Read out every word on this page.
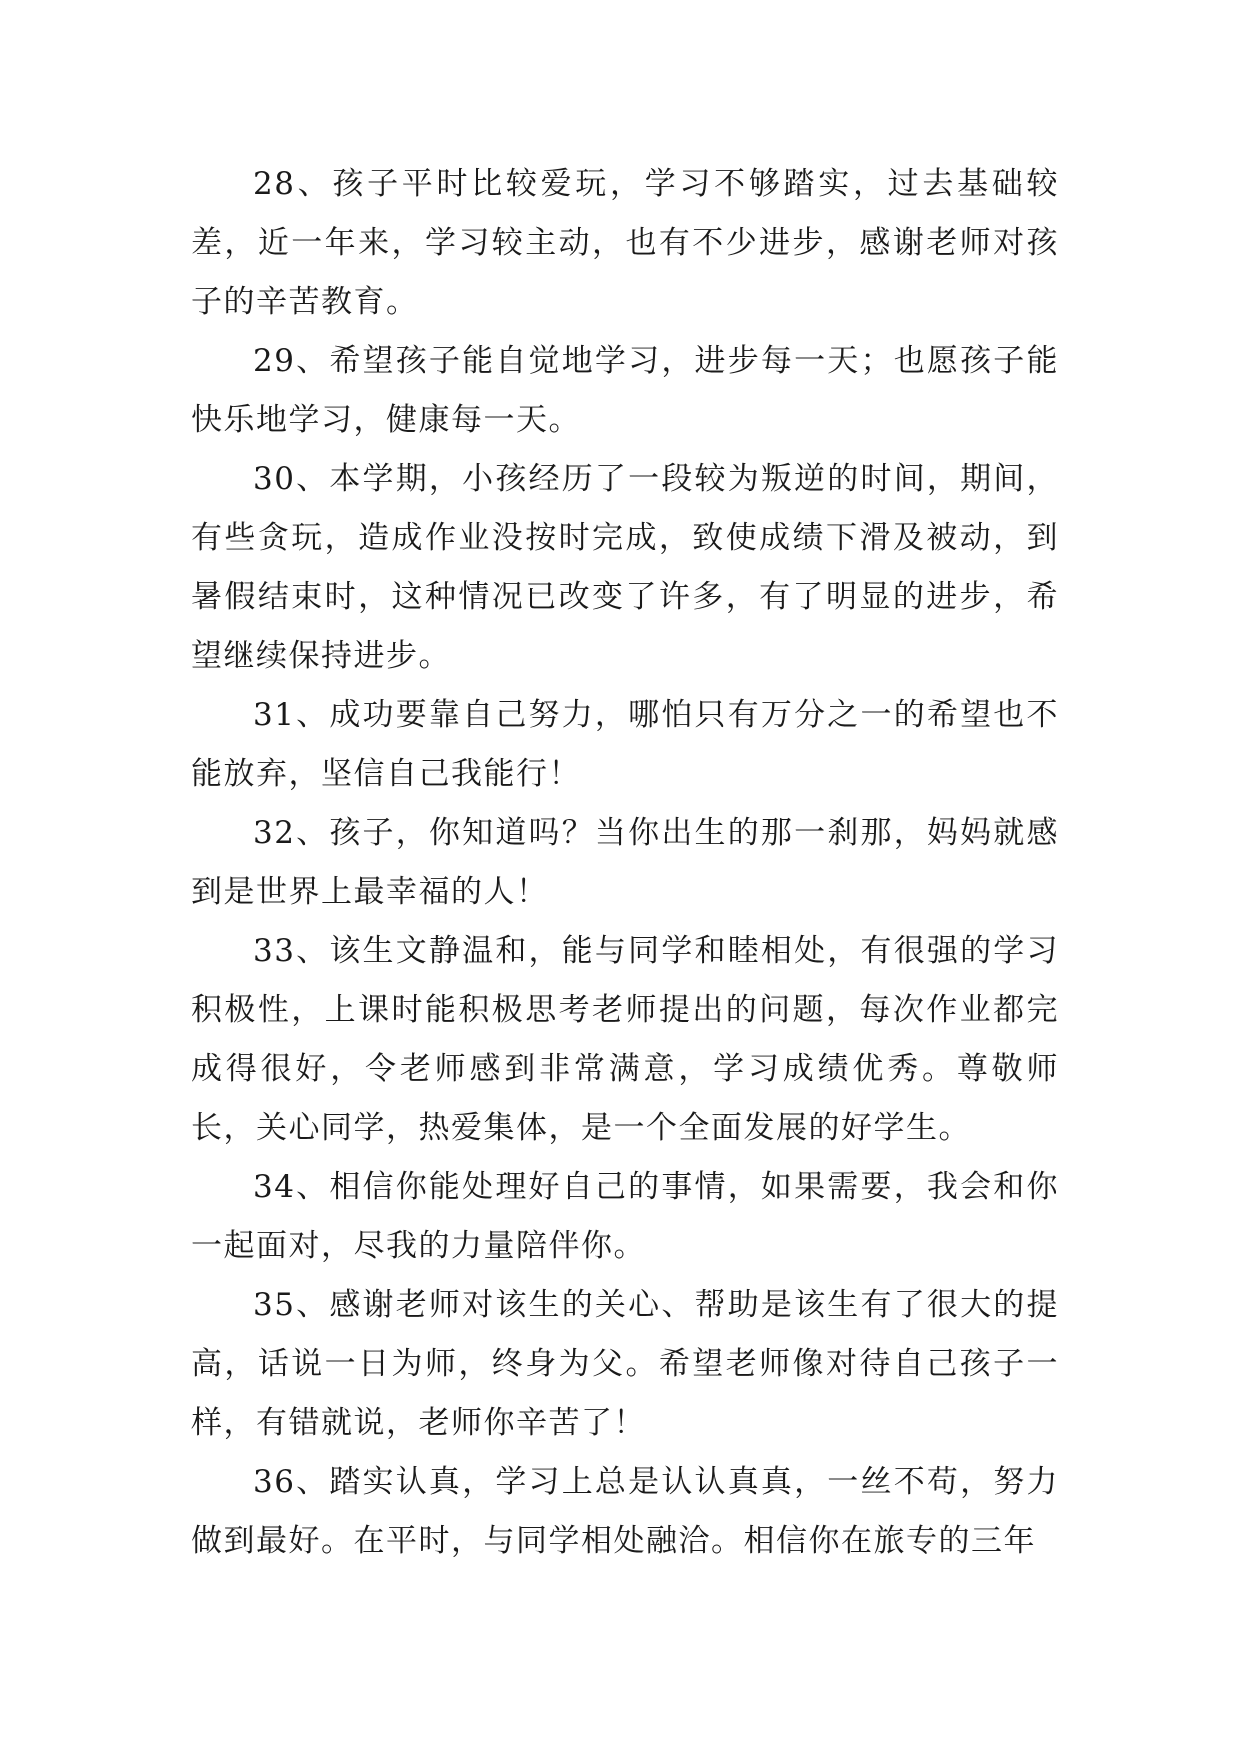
28、孩子平时比较爱玩，学习不够踏实，过去基础较差，近一年来，学习较主动，也有不少进步，感谢老师对孩子的辛苦教育。

29、希望孩子能自觉地学习，进步每一天；也愿孩子能快乐地学习，健康每一天。

30、本学期，小孩经历了一段较为叛逆的时间，期间，有些贪玩，造成作业没按时完成，致使成绩下滑及被动，到暑假结束时，这种情况已改变了许多，有了明显的进步，希望继续保持进步。

31、成功要靠自己努力，哪怕只有万分之一的希望也不能放弃，坚信自己我能行！

32、孩子，你知道吗？当你出生的那一刹那，妈妈就感到是世界上最幸福的人！

33、该生文静温和，能与同学和睦相处，有很强的学习积极性，上课时能积极思考老师提出的问题，每次作业都完成得很好，令老师感到非常满意，学习成绩优秀。尊敬师长，关心同学，热爱集体，是一个全面发展的好学生。

34、相信你能处理好自己的事情，如果需要，我会和你一起面对，尽我的力量陪伴你。

35、感谢老师对该生的关心、帮助是该生有了很大的提高，话说一日为师，终身为父。希望老师像对待自己孩子一样，有错就说，老师你辛苦了！

36、踏实认真，学习上总是认认真真，一丝不苟，努力做到最好。在平时，与同学相处融洽。相信你在旅专的三年
